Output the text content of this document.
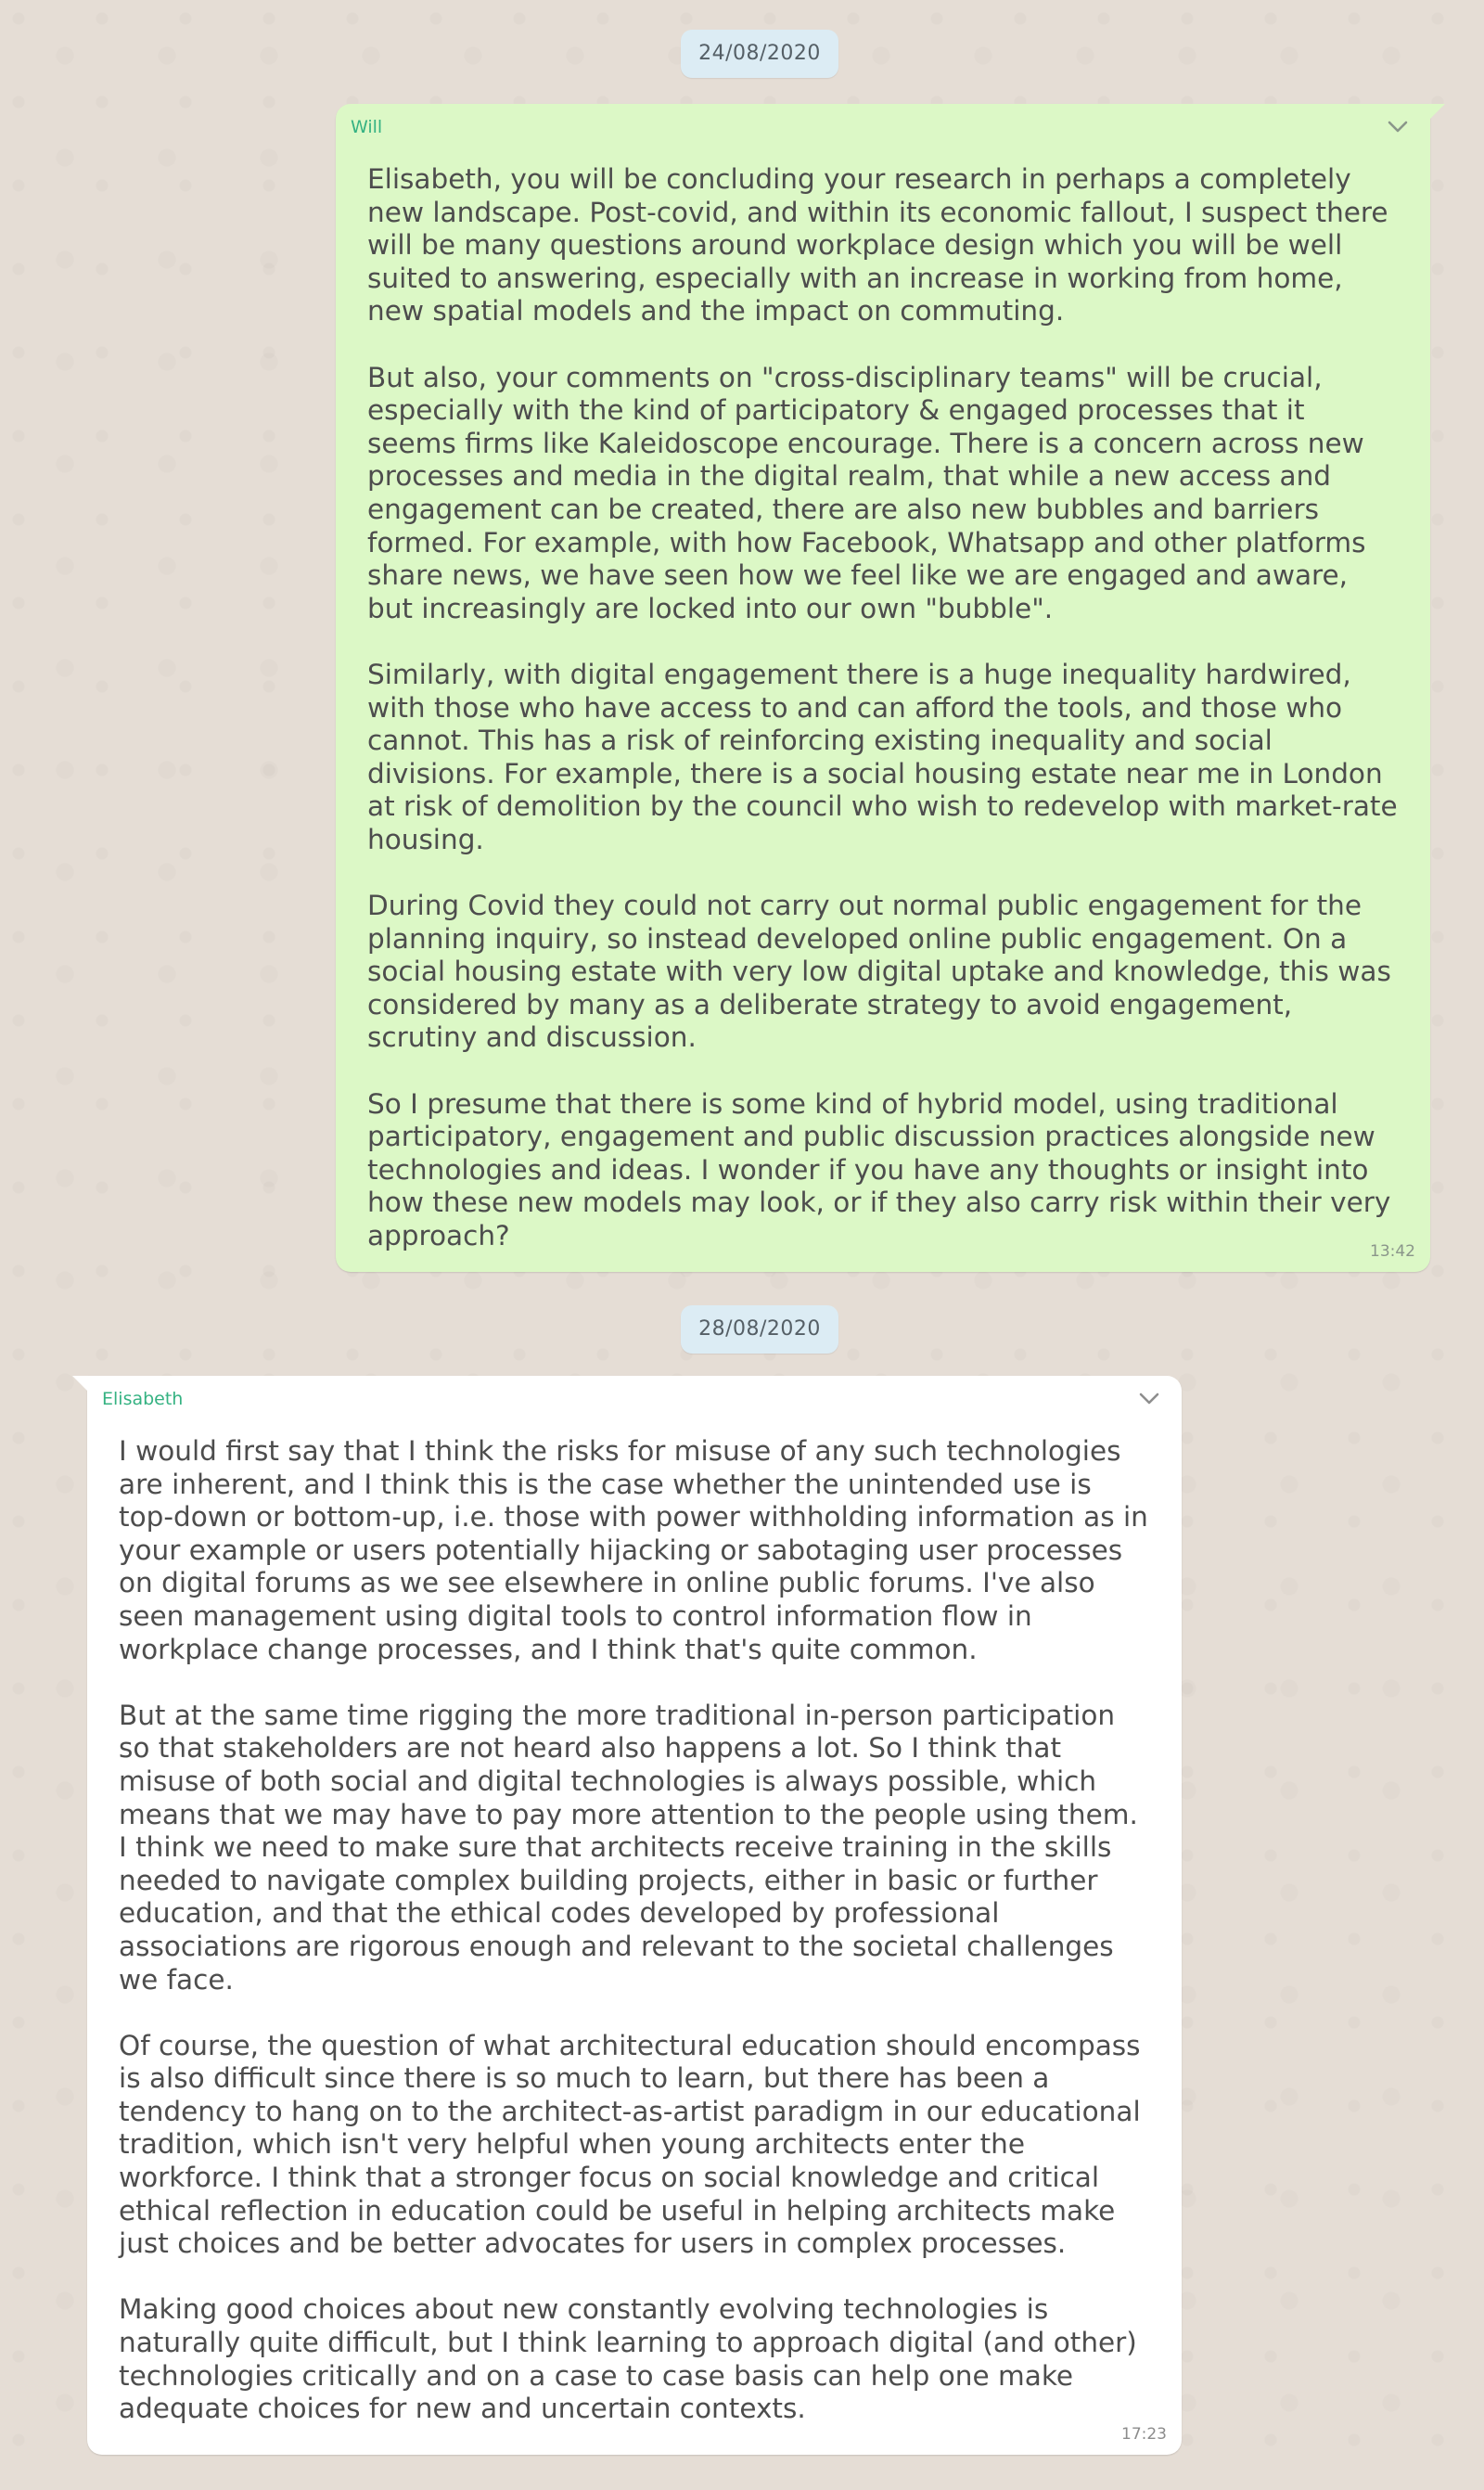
24/08/2020
Will

Elisabeth, you will be concluding your research in perhaps a completely new landscape. Post-covid, and within its economic fallout, I suspect there will be many questions around workplace design which you will be well suited to answering, especially with an increase in working from home, new spatial models and the impact on commuting.

But also, your comments on "cross-disciplinary teams" will be crucial, especially with the kind of participatory & engaged processes that it seems firms like Kaleidoscope encourage. There is a concern across new processes and media in the digital realm, that while a new access and engagement can be created, there are also new bubbles and barriers formed. For example, with how Facebook, Whatsapp and other platforms share news, we have seen how we feel like we are engaged and aware, but increasingly are locked into our own "bubble".

Similarly, with digital engagement there is a huge inequality hardwired, with those who have access to and can afford the tools, and those who cannot. This has a risk of reinforcing existing inequality and social divisions. For example, there is a social housing estate near me in London at risk of demolition by the council who wish to redevelop with market-rate housing.

During Covid they could not carry out normal public engagement for the planning inquiry, so instead developed online public engagement. On a social housing estate with very low digital uptake and knowledge, this was considered by many as a deliberate strategy to avoid engagement, scrutiny and discussion.

So I presume that there is some kind of hybrid model, using traditional participatory, engagement and public discussion practices alongside new technologies and ideas. I wonder if you have any thoughts or insight into how these new models may look, or if they also carry risk within their very approach?	13:42
28/08/2020
Elisabeth

I would first say that I think the risks for misuse of any such technologies are inherent, and I think this is the case whether the unintended use is top-down or bottom-up, i.e. those with power withholding information as in your example or users potentially hijacking or sabotaging user processes on digital forums as we see elsewhere in online public forums. I've also seen management using digital tools to control information flow in workplace change processes, and I think that's quite common.

But at the same time rigging the more traditional in-person participation so that stakeholders are not heard also happens a lot. So I think that misuse of both social and digital technologies is always possible, which means that we may have to pay more attention to the people using them. I think we need to make sure that architects receive training in the skills needed to navigate complex building projects, either in basic or further education, and that the ethical codes developed by professional associations are rigorous enough and relevant to the societal challenges we face.

Of course, the question of what architectural education should encompass is also difficult since there is so much to learn, but there has been a tendency to hang on to the architect-as-artist paradigm in our educational tradition, which isn't very helpful when young architects enter the workforce. I think that a stronger focus on social knowledge and critical ethical reflection in education could be useful in helping architects make just choices and be better advocates for users in complex processes.

Making good choices about new constantly evolving technologies is naturally quite difficult, but I think learning to approach digital (and other) technologies critically and on a case to case basis can help one make adequate choices for new and uncertain contexts.

17:23
